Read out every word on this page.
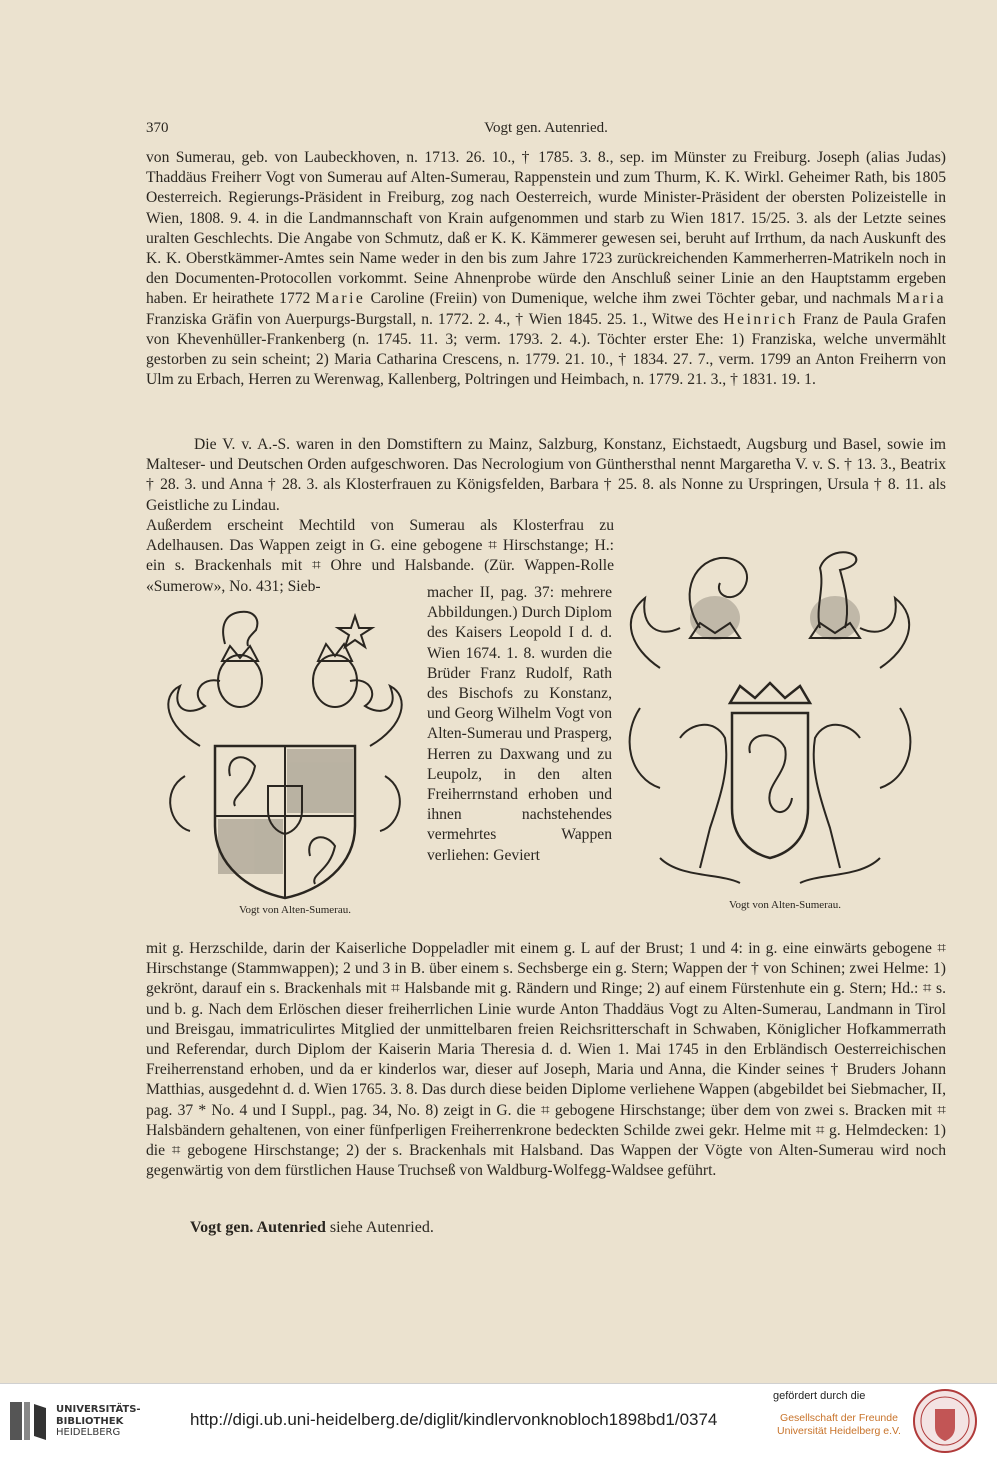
370	Vogt gen. Autenried.

von Sumerau, geb. von Laubeckhoven, n. 1713. 26. 10., † 1785. 3. 8., sep. im Münster zu Freiburg. Joseph (alias Judas) Thaddäus Freiherr Vogt von Sumerau auf Alten-Sumerau, Rappenstein und zum Thurm, K. K. Wirkl. Geheimer Rath, bis 1805 Oesterreich. Regierungs-Präsident in Freiburg, zog nach Oesterreich, wurde Minister-Präsident der obersten Polizeistelle in Wien, 1808. 9. 4. in die Landmannschaft von Krain aufgenommen und starb zu Wien 1817. 15/25. 3. als der Letzte seines uralten Geschlechts. Die Angabe von Schmutz, daß er K. K. Kämmerer gewesen sei, beruht auf Irrthum, da nach Auskunft des K. K. Oberstkämmer-Amtes sein Name weder in den bis zum Jahre 1723 zurückreichenden Kammerherren-Matrikeln noch in den Documenten-Protocollen vorkommt. Seine Ahnenprobe würde den Anschluß seiner Linie an den Hauptstamm ergeben haben. Er heirathete 1772 Marie Caroline (Freiin) von Dumenique, welche ihm zwei Töchter gebar, und nachmals Maria Franziska Gräfin von Auerpurgs-Burgstall, n. 1772. 2. 4., † Wien 1845. 25. 1., Witwe des Heinrich Franz de Paula Grafen von Khevenhüller-Frankenberg (n. 1745. 11. 3; verm. 1793. 2. 4.). Töchter erster Ehe: 1) Franziska, welche unvermählt gestorben zu sein scheint; 2) Maria Catharina Crescens, n. 1779. 21. 10., † 1834. 27. 7., verm. 1799 an Anton Freiherrn von Ulm zu Erbach, Herren zu Werenwag, Kallenberg, Poltringen und Heimbach, n. 1779. 21. 3., † 1831. 19. 1.

Die V. v. A.-S. waren in den Domstiftern zu Mainz, Salzburg, Konstanz, Eichstaedt, Augsburg und Basel, sowie im Malteser- und Deutschen Orden aufgeschworen. Das Necrologium von Günthersthal nennt Margaretha V. v. S. † 13. 3., Beatrix † 28. 3. und Anna † 28. 3. als Klosterfrauen zu Königsfelden, Barbara † 25. 8. als Nonne zu Urspringen, Ursula † 8. 11. als Geistliche zu Lindau.

Außerdem erscheint Mechtild von Sumerau als Klosterfrau zu Adelhausen. Das Wappen zeigt in G. eine gebogene ⌗ Hirschstange; H.: ein s. Brackenhals mit ⌗ Ohre und Halsbande. (Zür. Wappen-Rolle «Sumerow», No. 431; Sieb-	macher II, pag. 37: mehrere Abbildungen.) Durch Diplom des Kaisers Leopold I d. d. Wien 1674. 1. 8. wurden die Brüder Franz Rudolf, Rath des Bischofs zu Konstanz, und Georg Wilhelm Vogt von Alten-Sumerau und Prasperg, Herren zu Daxwang und zu Leupolz, in den alten Freiherrnstand erhoben und ihnen nachstehendes vermehrtes Wappen verliehen: Geviert

Vogt von Alten-Sumerau.	Vogt von Alten-Sumerau.

mit g. Herzschilde, darin der Kaiserliche Doppeladler mit einem g. L auf der Brust; 1 und 4: in g. eine einwärts gebogene ⌗ Hirschstange (Stammwappen); 2 und 3 in B. über einem s. Sechsberge ein g. Stern; Wappen der † von Schinen; zwei Helme: 1) gekrönt, darauf ein s. Brackenhals mit ⌗ Halsbande mit g. Rändern und Ringe; 2) auf einem Fürstenhute ein g. Stern; Hd.: ⌗ s. und b. g. Nach dem Erlöschen dieser freiherrlichen Linie wurde Anton Thaddäus Vogt zu Alten-Sumerau, Landmann in Tirol und Breisgau, immatriculirtes Mitglied der unmittelbaren freien Reichsritterschaft in Schwaben, Königlicher Hofkammerrath und Referendar, durch Diplom der Kaiserin Maria Theresia d. d. Wien 1. Mai 1745 in den Erbländisch Oesterreichischen Freiherrenstand erhoben, und da er kinderlos war, dieser auf Joseph, Maria und Anna, die Kinder seines † Bruders Johann Matthias, ausgedehnt d. d. Wien 1765. 3. 8. Das durch diese beiden Diplome verliehene Wappen (abgebildet bei Siebmacher, II, pag. 37 * No. 4 und I Suppl., pag. 34, No. 8) zeigt in G. die ⌗ gebogene Hirschstange; über dem von zwei s. Bracken mit ⌗ Halsbändern gehaltenen, von einer fünfperligen Freiherrenkrone bedeckten Schilde zwei gekr. Helme mit ⌗ g. Helmdecken: 1) die ⌗ gebogene Hirschstange; 2) der s. Brackenhals mit Halsband. Das Wappen der Vögte von Alten-Sumerau wird noch gegenwärtig von dem fürstlichen Hause Truchseß von Waldburg-Wolfegg-Waldsee geführt.

Vogt gen. Autenried siehe Autenried.
UNIVERSITÄTS-
BIBLIOTHEK
HEIDELBERG
http://digi.ub.uni-heidelberg.de/diglit/kindlervonknobloch1898bd1/0374
gefördert durch die
Gesellschaft der Freunde
Universität Heidelberg e.V.
